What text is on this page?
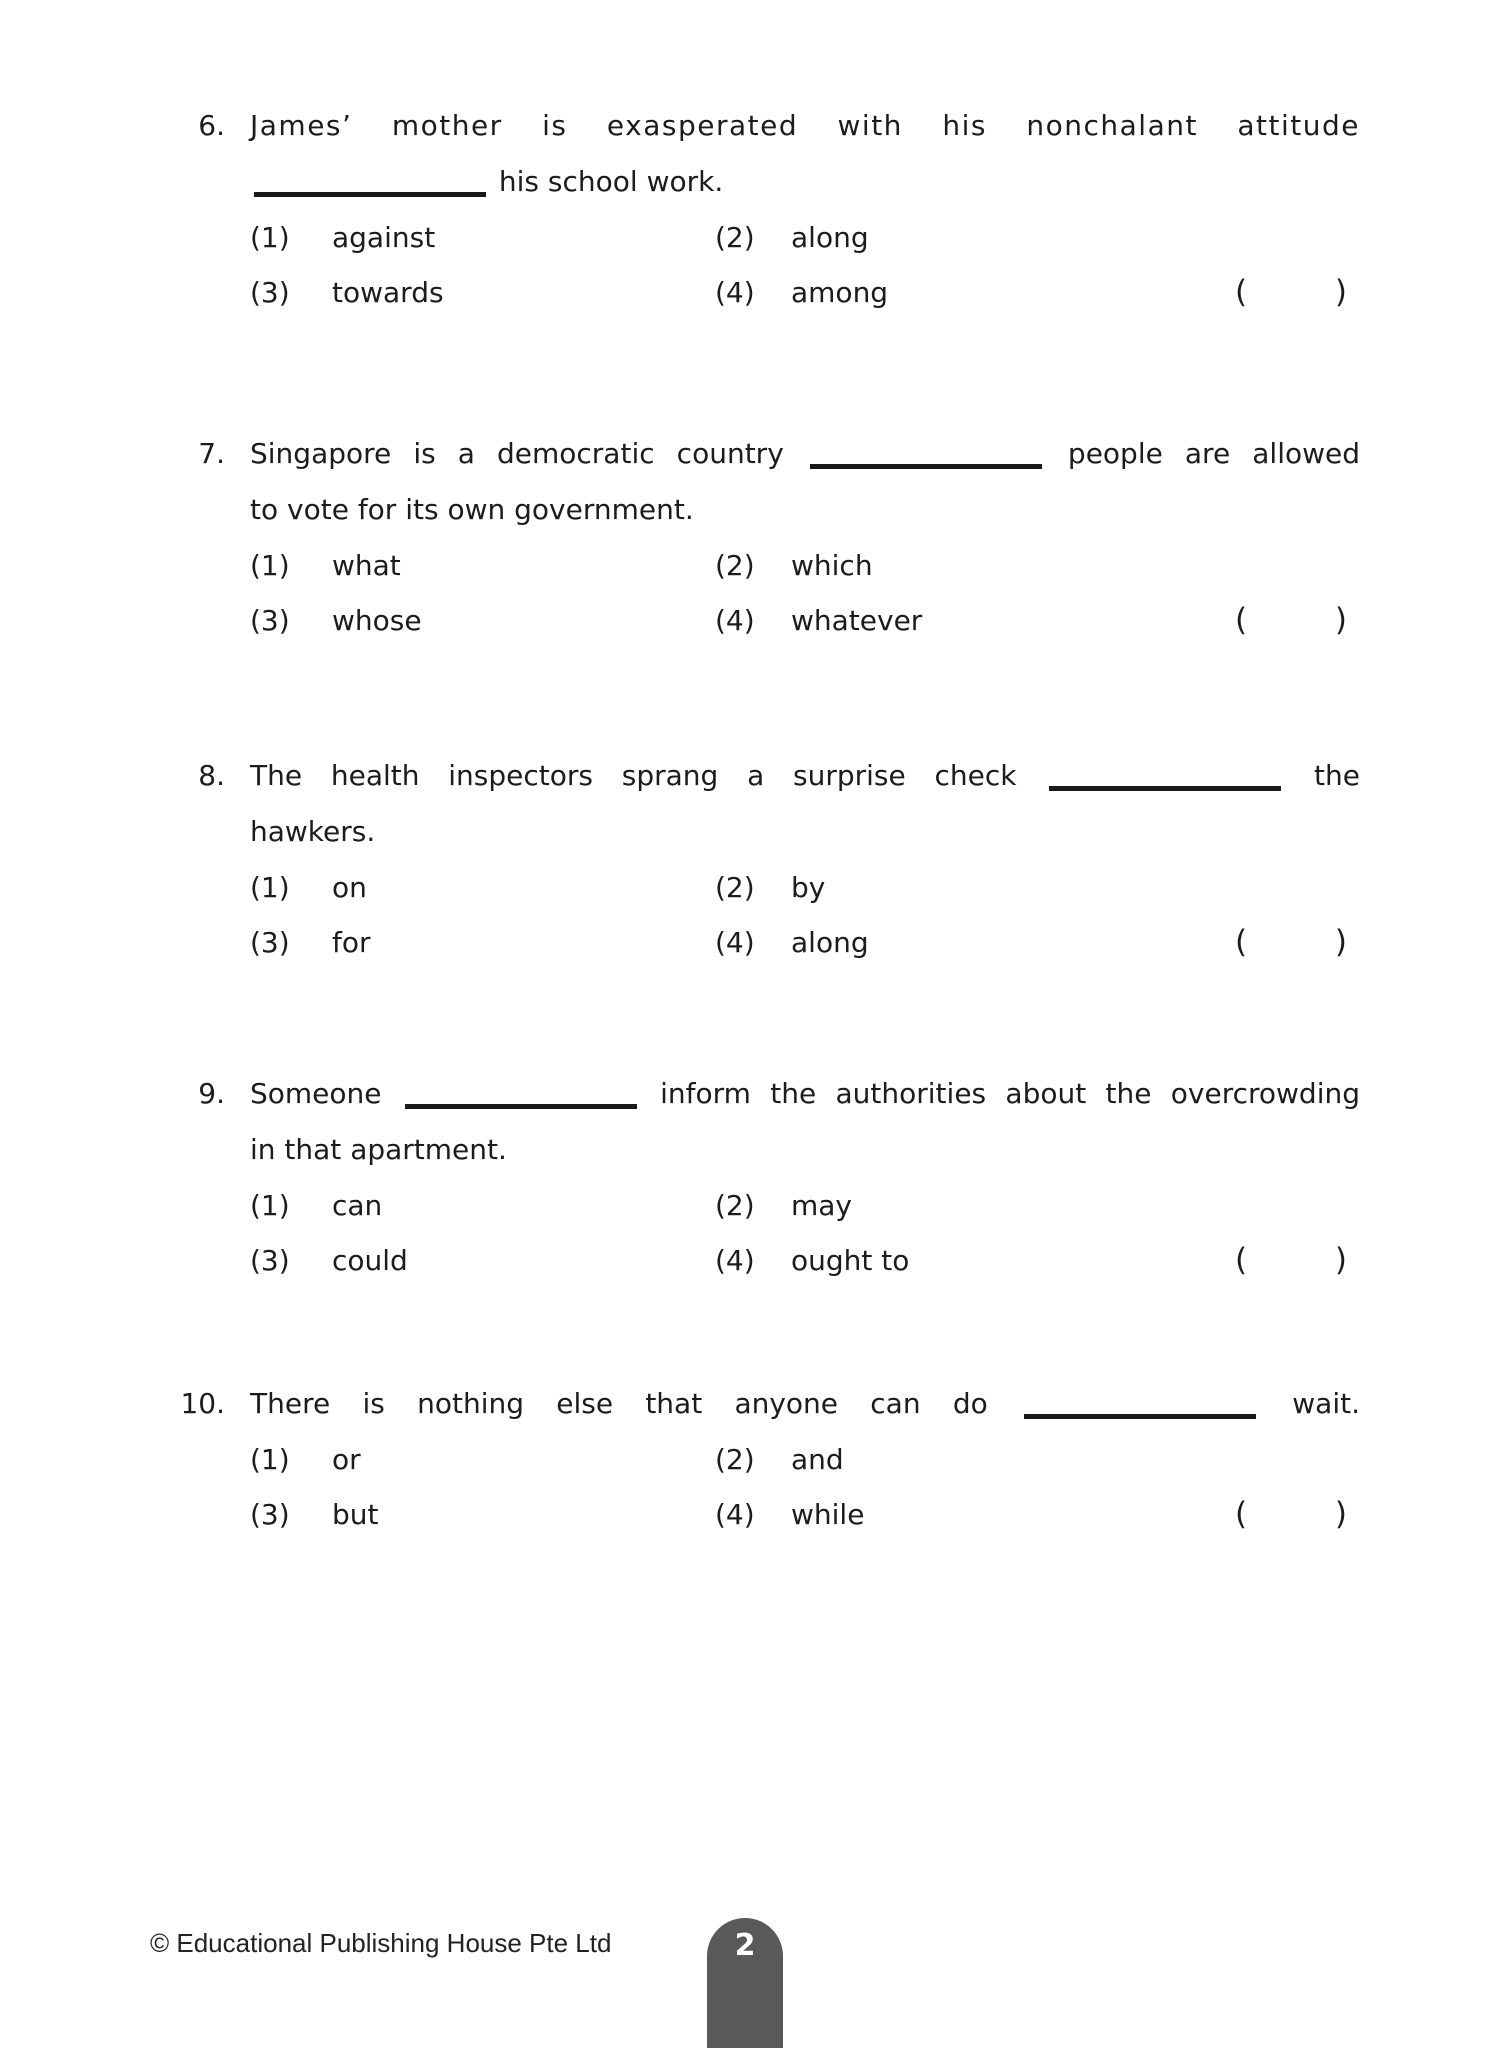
6. James’ mother is exasperated with his nonchalant attitude
his school work.
(1)	against	(2)	along
(3)	towards	(4)	among	(	)
7. Singapore is a democratic country	people are allowed
to vote for its own government.
(1)	what	(2)	which
(3)	whose	(4)	whatever	(	)
8. The health inspectors sprang a surprise check	the
hawkers.
(1)	on	(2)	by
(3)	for	(4)	along	(	)
9. Someone	inform the authorities about the overcrowding
in that apartment.
(1)	can	(2)	may
(3)	could	(4)	ought to	(	)
10. There is nothing else that anyone can do	wait.
(1)	or	(2)	and
(3)	but	(4)	while	(	)
© Educational Publishing House Pte Ltd	2
